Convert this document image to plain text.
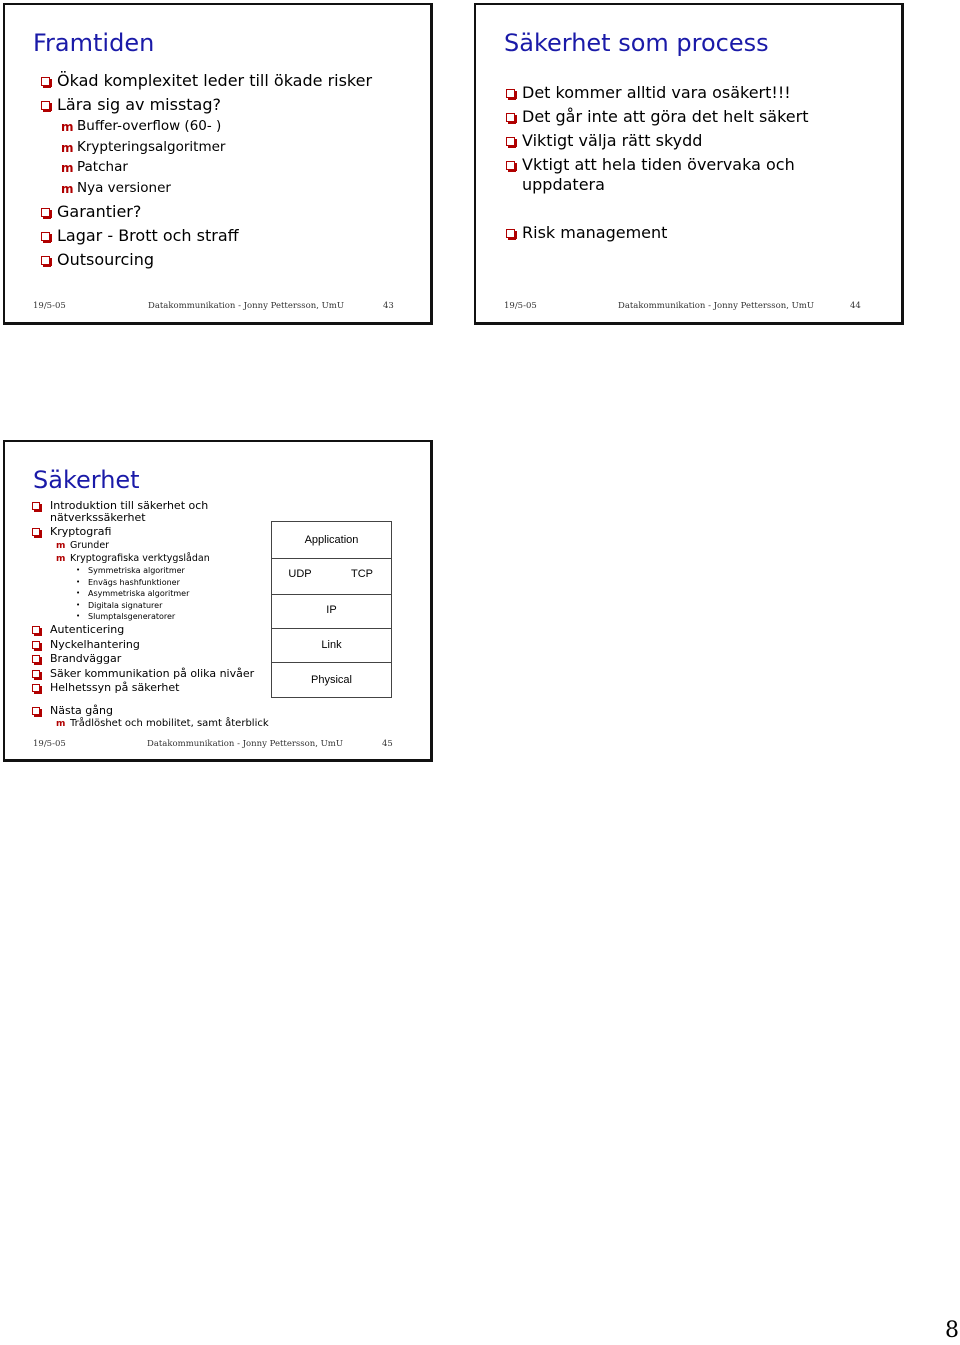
Framtiden
Ökad komplexitet leder till ökade risker
Lära sig av misstag?
m Buffer-overflow (60- )
m Krypteringsalgoritmer
m Patchar
m Nya versioner
Garantier?
Lagar - Brott och straff
Outsourcing
19/5-05	Datakommunikation - Jonny Pettersson, UmU	43
Säkerhet som process
Det kommer alltid vara osäkert!!!
Det går inte att göra det helt säkert
Viktigt välja rätt skydd
Vktigt att hela tiden övervaka och
uppdatera
Risk management
19/5-05	Datakommunikation - Jonny Pettersson, UmU	44
Säkerhet
Introduktion till säkerhet och
nätverkssäkerhet
Kryptografi
m Grunder
m Kryptografiska verktygslådan
• Symmetriska algoritmer
• Envägs hashfunktioner
• Asymmetriska algoritmer
• Digitala signaturer
• Slumptalsgeneratorer
Autenticering
Nyckelhantering
Brandväggar
Säker kommunikation på olika nivåer
Helhetssyn på säkerhet
Nästa gång
m Trådlöshet och mobilitet, samt återblick
19/5-05	Datakommunikation - Jonny Pettersson, UmU	45
Application
UDP	TCP
IP
Link
Physical
8
